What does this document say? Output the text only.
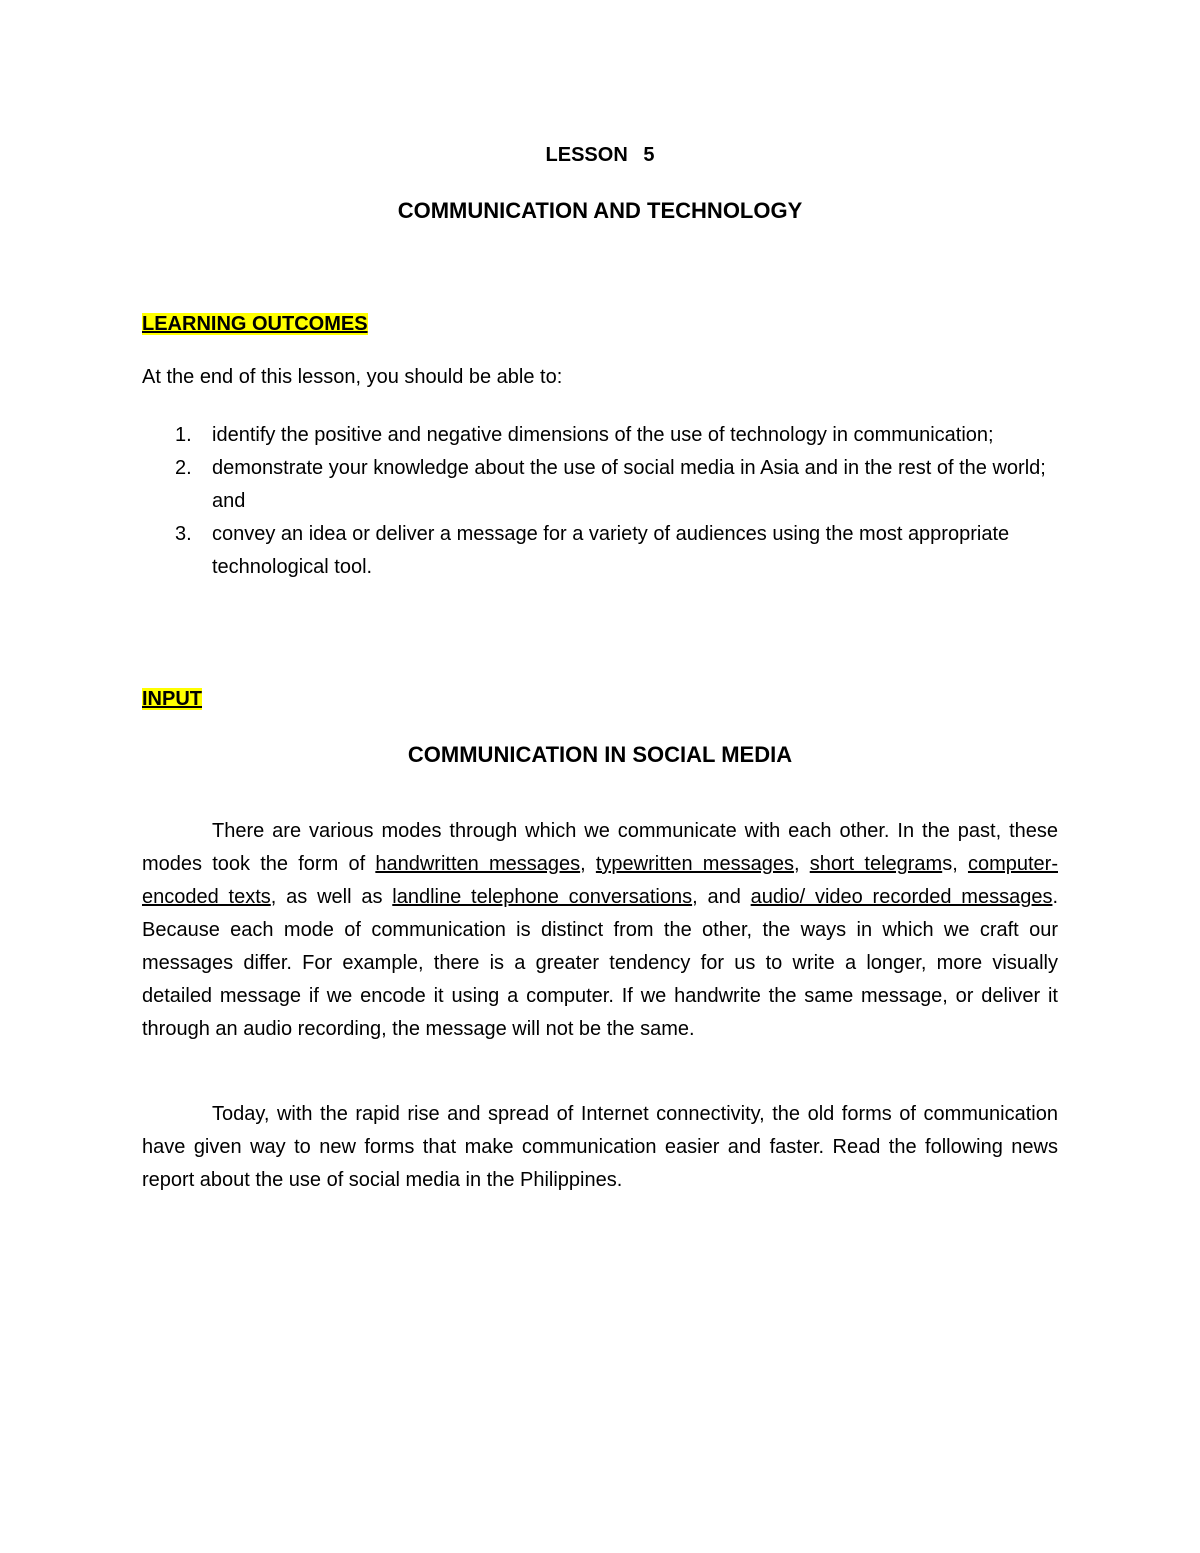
LESSON 5
COMMUNICATION AND TECHNOLOGY
LEARNING OUTCOMES
At the end of this lesson, you should be able to:
1. identify the positive and negative dimensions of the use of technology in communication;
2. demonstrate your knowledge about the use of social media in Asia and in the rest of the world; and
3. convey an idea or deliver a message for a variety of audiences using the most appropriate technological tool.
INPUT
COMMUNICATION IN SOCIAL MEDIA

There are various modes through which we communicate with each other. In the past, these modes took the form of handwritten messages, typewritten messages, short telegrams, computer-encoded texts, as well as landline telephone conversations, and audio/ video recorded messages. Because each mode of communication is distinct from the other, the ways in which we craft our messages differ. For example, there is a greater tendency for us to write a longer, more visually detailed message if we encode it using a computer. If we handwrite the same message, or deliver it through an audio recording, the message will not be the same.

Today, with the rapid rise and spread of Internet connectivity, the old forms of communication have given way to new forms that make communication easier and faster. Read the following news report about the use of social media in the Philippines.
